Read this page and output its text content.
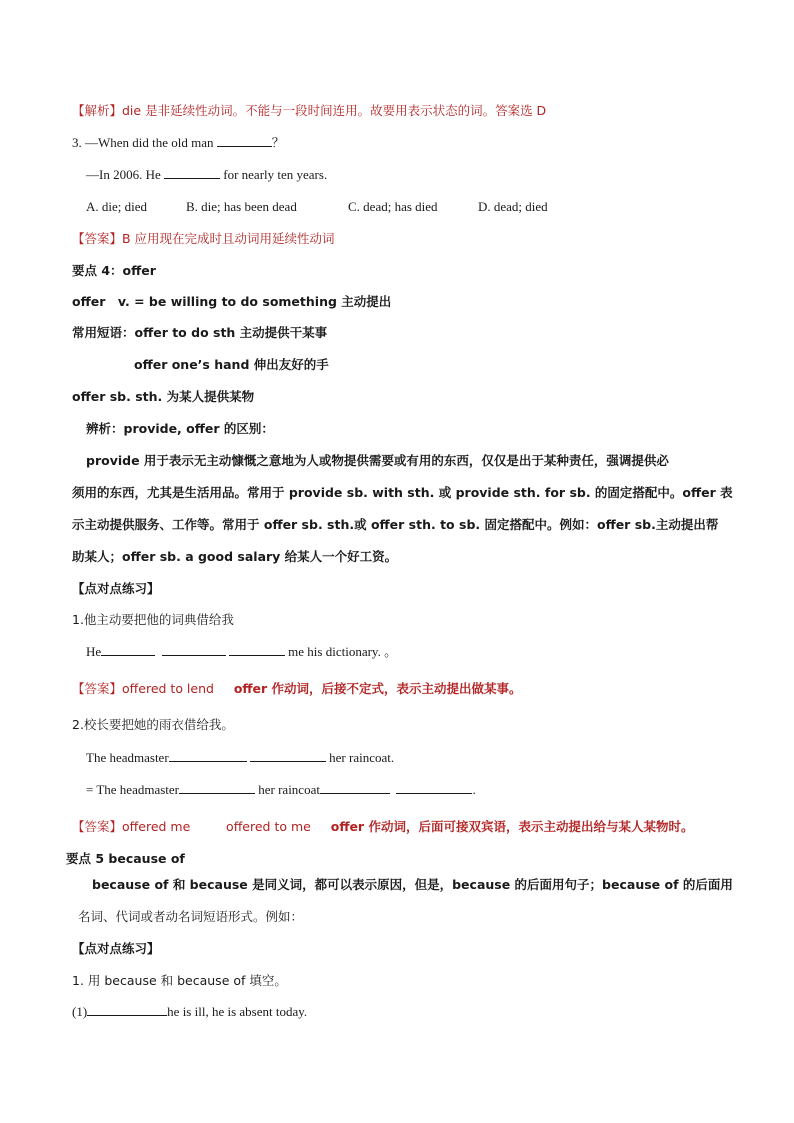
【解析】die 是非延续性动词。不能与一段时间连用。故要用表示状态的词。答案选 D
3. —When did the old man	？
—In 2006. He	for nearly ten years.
A. die; died	B. die; has been dead	C. dead; has died	D. dead; died
【答案】B 应用现在完成时且动词用延续性动词
要点 4：offer
offer　v. = be willing to do something 主动提出
常用短语：offer to do sth 主动提供干某事
offer one’s hand 伸出友好的手
offer sb. sth. 为某人提供某物
辨析：provide, offer 的区别：
provide 用于表示无主动慷慨之意地为人或物提供需要或有用的东西，仅仅是出于某种责任，强调提供必
须用的东西，尤其是生活用品。常用于 provide sb. with sth. 或 provide sth. for sb. 的固定搭配中。offer 表
示主动提供服务、工作等。常用于 offer sb. sth.或 offer sth. to sb. 固定搭配中。例如：offer sb.主动提出帮
助某人；offer sb. a good salary 给某人一个好工资。
【点对点练习】
1.他主动要把他的词典借给我
He	me his dictionary. 。
【答案】offered to lend offer 作动词，后接不定式，表示主动提出做某事。
2.校长要把她的雨衣借给我。
The headmaster	her raincoat.
= The headmaster	her raincoat	.
【答案】offered me	offered to me offer 作动词，后面可接双宾语，表示主动提出给与某人某物时。
要点 5 because of
because of 和 because 是同义词，都可以表示原因，但是，because 的后面用句子；because of 的后面用
名词、代词或者动名词短语形式。例如：
【点对点练习】
1. 用 because 和 because of 填空。
(1)	he is ill, he is absent today.
